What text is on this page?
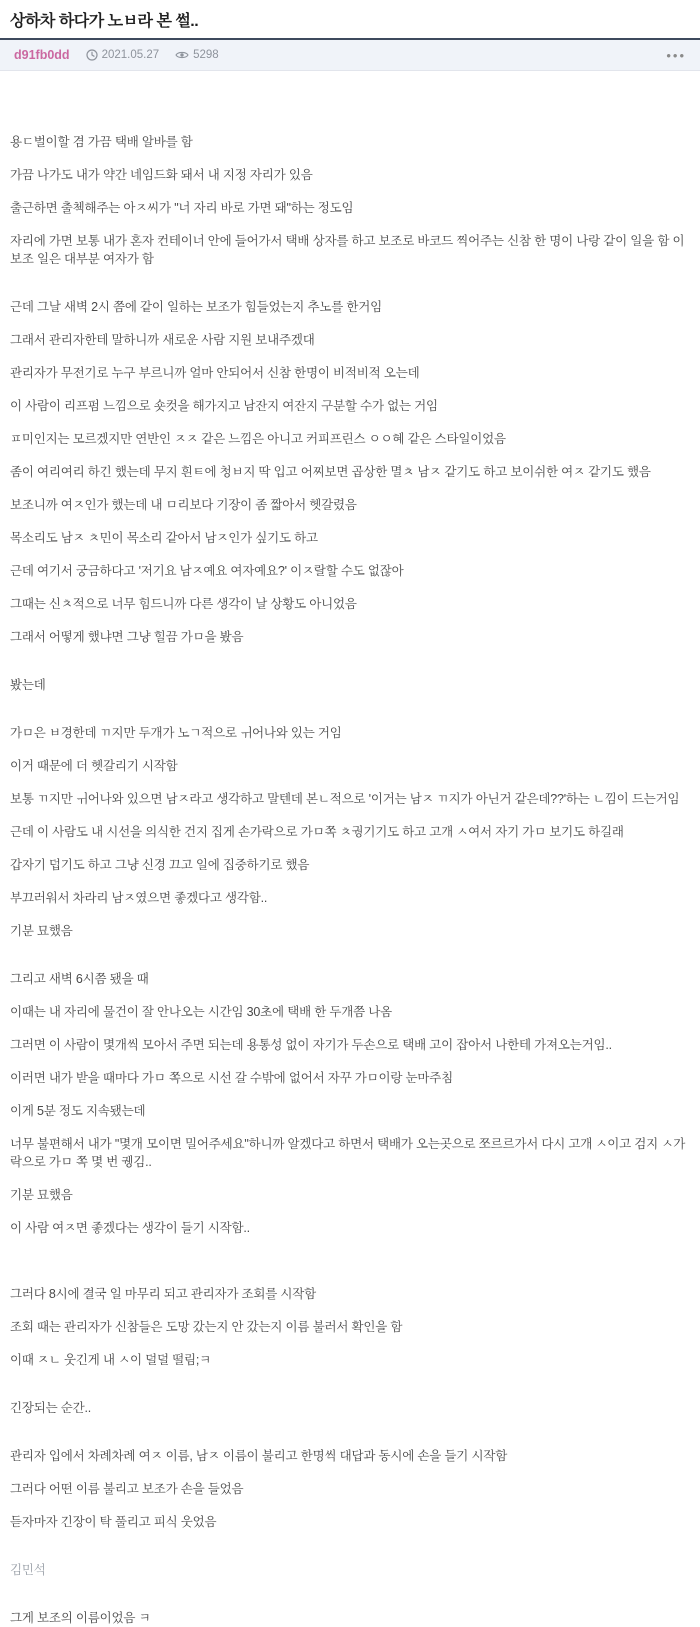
상하차 하다가 노ㅂ라 본 썰..
d91fb0dd	2021.05.27	5298	•••

용ㄷ벌이할 겸 가끔 택배 알바를 함

가끔 나가도 내가 약간 네임드화 돼서 내 지정 자리가 있음

출근하면 출첵해주는 아ㅈ씨가 "너 자리 바로 가면 돼"하는 정도임

자리에 가면 보통 내가 혼자 컨테이너 안에 들어가서 택배 상자를 하고 보조로 바코드 찍어주는 신참 한 명이 나랑 같이 일을 함 이 보조 일은 대부분 여자가 함

근데 그날 새벽 2시 쯤에 같이 일하는 보조가 힘들었는지 추노를 한거임

그래서 관리자한테 말하니까 새로운 사람 지원 보내주겠대

관리자가 무전기로 누구 부르니까 얼마 안되어서 신참 한명이 비적비적 오는데

이 사람이 리프펌 느낌으로 숏컷을 해가지고 남잔지 여잔지 구분할 수가 없는 거임

ㅍ미인지는 모르겠지만 연반인 ㅈㅈ 같은 느낌은 아니고 커피프린스 ㅇㅇ혜 같은 스타일이었음

좀이 여리여리 하긴 했는데 무지 흰ㅌ에 청ㅂ지 딱 입고 어찌보면 곱상한 멸ㅊ 남ㅈ 같기도 하고 보이쉬한 여ㅈ 같기도 했음

보조니까 여ㅈ인가 했는데 내 ㅁ리보다 기장이 좀 짧아서 헷갈렸음

목소리도 남ㅈ ㅊ민이 목소리 같아서 남ㅈ인가 싶기도 하고

근데 여기서 궁금하다고 '저기요 남ㅈ예요 여자예요?' 이ㅈ랄할 수도 없잖아

그때는 신ㅊ적으로 너무 힘드니까 다른 생각이 날 상황도 아니었음

그래서 어떻게 했냐면 그냥 힐끔 가ㅁ을 봤음

봤는데

가ㅁ은 ㅂ경한데 ㄲ지만 두개가 노ㄱ적으로 ㅟ어나와 있는 거임

이거 때문에 더 헷갈리기 시작함

보통 ㄲ지만 ㅟ어나와 있으면 남ㅈ라고 생각하고 말텐데 본ㄴ적으로 '이거는 남ㅈ ㄲ지가 아닌거 같은데??'하는 ㄴ낌이 드는거임

근데 이 사람도 내 시선을 의식한 건지 집게 손가락으로 가ㅁ쪽 ㅊ궝기기도 하고 고개 ㅅ여서 자기 가ㅁ 보기도 하길래

갑자기 덥기도 하고 그냥 신경 끄고 일에 집중하기로 했음

부끄러워서 차라리 남ㅈ였으면 좋겠다고 생각함..

기분 묘했음

그리고 새벽 6시쯤 됐을 때

이때는 내 자리에 물건이 잘 안나오는 시간임 30초에 택배 한 두개쯤 나옴

그러면 이 사람이 몇개씩 모아서 주면 되는데 용통성 없이 자기가 두손으로 택배 고이 잡아서 나한테 가져오는거임..

이러면 내가 받을 때마다 가ㅁ 쪽으로 시선 갈 수밖에 없어서 자꾸 가ㅁ이랑 눈마주침

이게 5분 정도 지속됐는데

너무 불편해서 내가 "몇개 모이면 밀어주세요"하니까 알겠다고 하면서 택배가 오는곳으로 쪼르르가서 다시 고개 ㅅ이고 검지 ㅅ가락으로 가ㅁ 쪽 몇 번 궹김..

기분 묘했음

이 사람 여ㅈ면 좋겠다는 생각이 들기 시작함..

그러다 8시에 결국 일 마무리 되고 관리자가 조회를 시작함

조회 때는 관리자가 신참들은 도망 갔는지 안 갔는지 이름 불러서 확인을 함

이때 ㅈㄴ 웃긴게 내 ㅅ이 덜덜 떨림;ㅋ

긴장되는 순간..

관리자 입에서 차례차례 여ㅈ 이름, 남ㅈ 이름이 불리고 한명씩 대답과 동시에 손을 들기 시작함

그러다 어떤 이름 불리고 보조가 손을 들었음

듣자마자 긴장이 탁 풀리고 피식 웃었음

김민석

그게 보조의 이름이었음 ㅋ
